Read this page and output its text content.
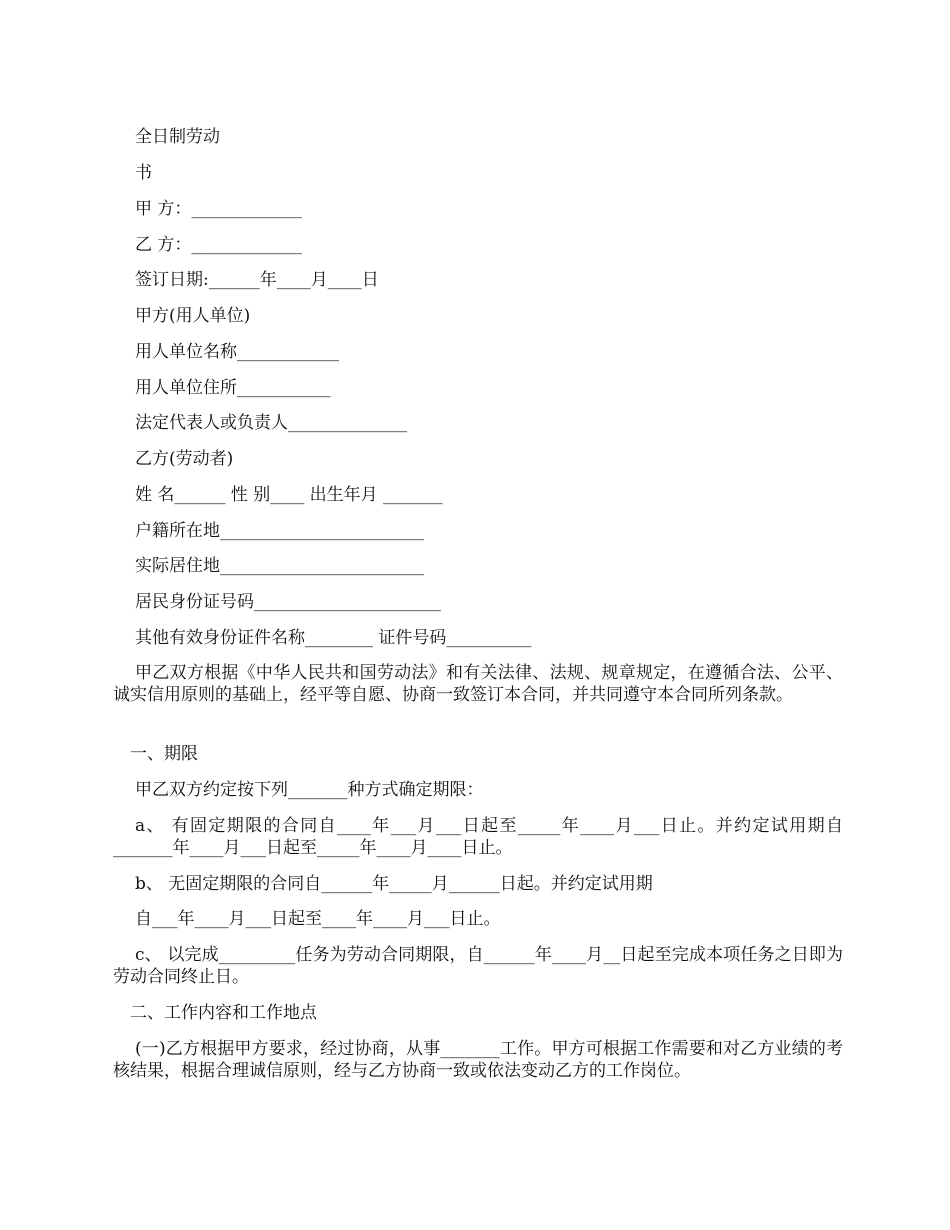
全日制劳动

书

甲 方：_____________

乙 方：_____________

签订日期:______年____月____日

甲方(用人单位)

用人单位名称____________

用人单位住所___________

法定代表人或负责人______________

乙方(劳动者)

姓 名______ 性 别____ 出生年月 _______

户籍所在地________________________

实际居住地________________________

居民身份证号码______________________

其他有效身份证件名称________ 证件号码__________

甲乙双方根据《中华人民共和国劳动法》和有关法律、法规、规章规定，在遵循合法、公平、诚实信用原则的基础上，经平等自愿、协商一致签订本合同，并共同遵守本合同所列条款。

一、期限

甲乙双方约定按下列_______种方式确定期限：

a、 有固定期限的合同自____年___月___日起至_____年____月___日止。并约定试用期自_______年____月___日起至_____年____月____日止。

b、 无固定期限的合同自______年_____月______日起。并约定试用期

自___年____月___日起至____年____月___日止。

c、 以完成_________任务为劳动合同期限，自______年____月__日起至完成本项任务之日即为劳动合同终止日。

二、工作内容和工作地点

(一)乙方根据甲方要求，经过协商，从事_______工作。甲方可根据工作需要和对乙方业绩的考核结果，根据合理诚信原则，经与乙方协商一致或依法变动乙方的工作岗位。
